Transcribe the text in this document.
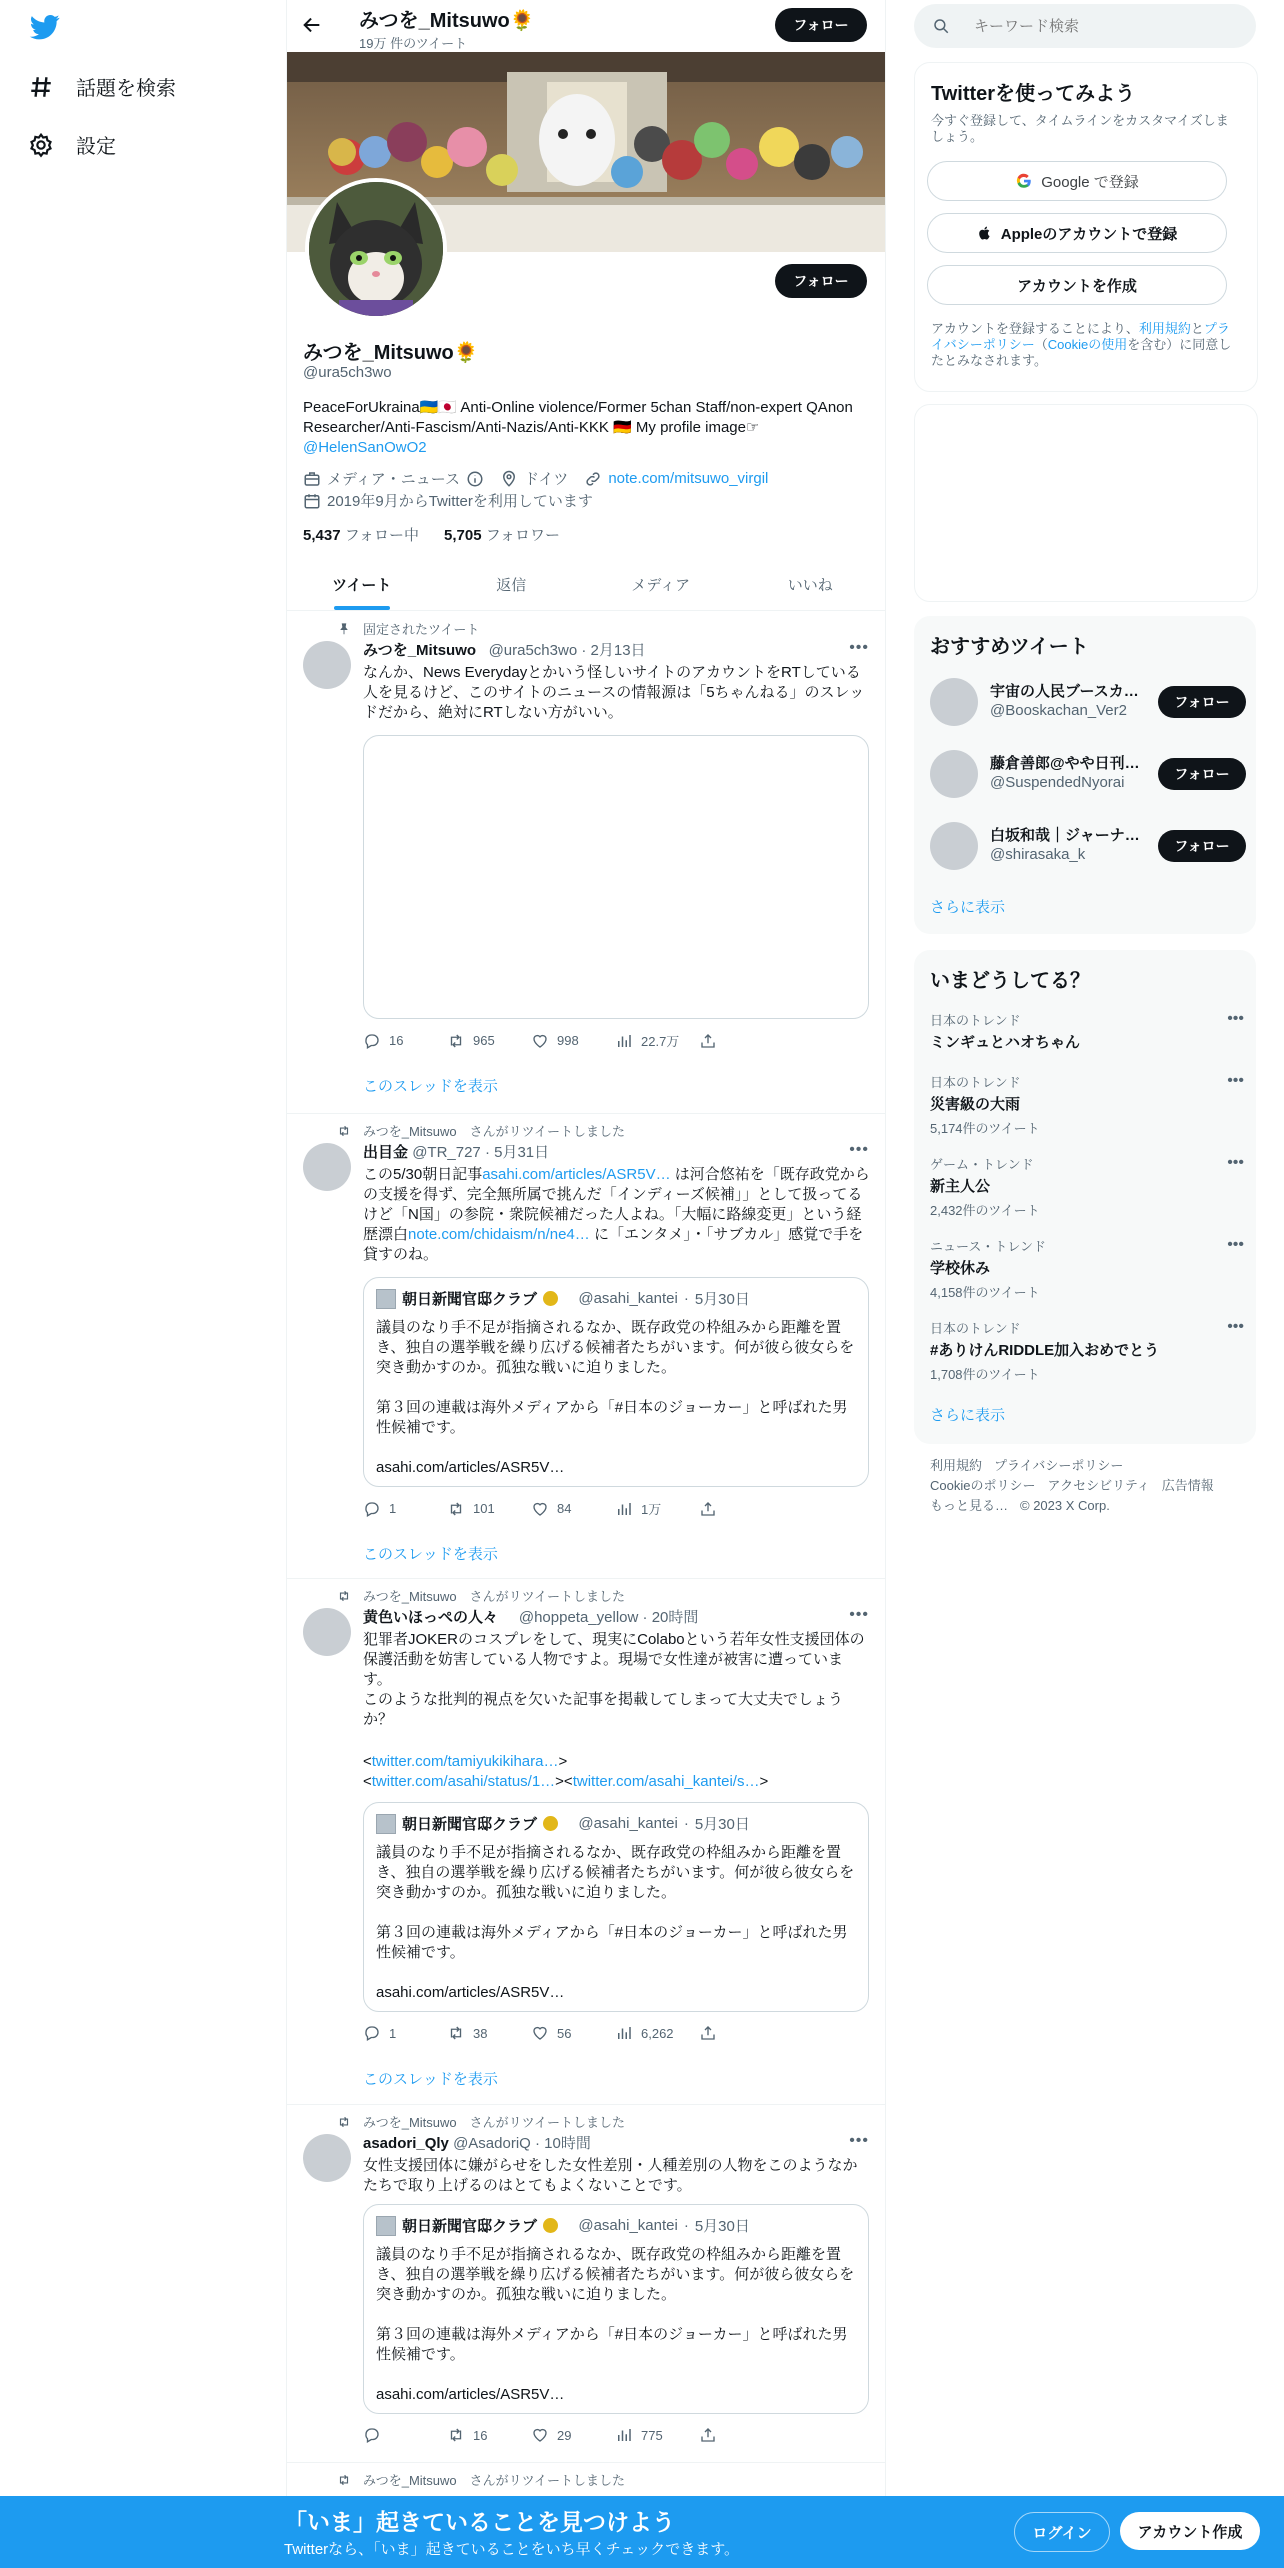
話題を検索
設定
みつを_Mitsuwo🌻
19万 件のツイート
フォロー
フォロー
みつを_Mitsuwo🌻
@ura5ch3wo
PeaceForUkraina🇺🇦🇯🇵 Anti-Online violence/Former 5chan Staff/non-expert QAnon Researcher/Anti-Fascism/Anti-Nazis/Anti-KKK 🇩🇪 My profile image☞
@HelenSanOwO2
メディア・ニュース	ドイツ	note.com/mitsuwo_virgil
2019年9月からTwitterを利用しています
5,437 フォロー中 5,705 フォロワー
ツイート	返信	メディア	いいね
固定されたツイート
みつを_Mitsuwo @ura5ch3wo · 2月13日	•••
なんか、News Everydayとかいう怪しいサイトのアカウントをRTしている人を見るけど、このサイトのニュースの情報源は「5ちゃんねる」のスレッドだから、絶対にRTしない方がいい。
16	965	998	22.7万
このスレッドを表示
みつを_Mitsuwo　さんがリツイートしました
出目金 @TR_727 · 5月31日	•••
この5/30朝日記事asahi.com/articles/ASR5V… は河合悠祐を「既存政党からの支援を得ず、完全無所属で挑んだ「インディーズ候補」」として扱ってるけど「N国」の参院・衆院候補だった人よね。「大幅に路線変更」という経歴漂白note.com/chidaism/n/ne4… に「エンタメ」・「サブカル」感覚で手を貸すのね。
朝日新聞官邸クラブ
	@asahi_kantei · 5月30日
議員のなり手不足が指摘されるなか、既存政党の枠組みから距離を置き、独自の選挙戦を繰り広げる候補者たちがいます。何が彼ら彼女らを突き動かすのか。孤独な戦いに迫りました。

第３回の連載は海外メディアから「#日本のジョーカー」と呼ばれた男性候補です。

asahi.com/articles/ASR5V…
1	101	84	1万
このスレッドを表示
みつを_Mitsuwo　さんがリツイートしました
黄色いほっぺの人々 @hoppeta_yellow · 20時間	•••
犯罪者JOKERのコスプレをして、現実にColaboという若年女性支援団体の保護活動を妨害している人物ですよ。現場で女性達が被害に遭っています。
このような批判的視点を欠いた記事を掲載してしまって大丈夫でしょうか？
<twitter.com/tamiyukikihara…>
<twitter.com/asahi/status/1…><twitter.com/asahi_kantei/s…>
朝日新聞官邸クラブ
	@asahi_kantei · 5月30日
議員のなり手不足が指摘されるなか、既存政党の枠組みから距離を置き、独自の選挙戦を繰り広げる候補者たちがいます。何が彼ら彼女らを突き動かすのか。孤独な戦いに迫りました。

第３回の連載は海外メディアから「#日本のジョーカー」と呼ばれた男性候補です。

asahi.com/articles/ASR5V…
1	38	56	6,262
このスレッドを表示
みつを_Mitsuwo　さんがリツイートしました
asadori_Qly @AsadoriQ · 10時間	•••
女性支援団体に嫌がらせをした女性差別・人種差別の人物をこのようなかたちで取り上げるのはとてもよくないことです。
朝日新聞官邸クラブ
	@asahi_kantei · 5月30日
議員のなり手不足が指摘されるなか、既存政党の枠組みから距離を置き、独自の選挙戦を繰り広げる候補者たちがいます。何が彼ら彼女らを突き動かすのか。孤独な戦いに迫りました。

第３回の連載は海外メディアから「#日本のジョーカー」と呼ばれた男性候補です。

asahi.com/articles/ASR5V…
16	29	775
みつを_Mitsuwo　さんがリツイートしました
キーワード検索
Twitterを使ってみよう
今すぐ登録して、タイムラインをカスタマイズしましょう。
Google で登録
Appleのアカウントで登録
アカウントを作成
アカウントを登録することにより、利用規約とプライバシーポリシー（Cookieの使用を含む）に同意したとみなされます。
おすすめツイート
宇宙の人民ブースカ…
@Booskachan_Ver2	フォロー
藤倉善郎@やや日刊…
@SuspendedNyorai	フォロー
白坂和哉｜ジャーナ…
@shirasaka_k	フォロー
さらに表示
いまどうしてる？
日本のトレンド
ミンギュとハオちゃん
•••
日本のトレンド
災害級の大雨
5,174件のツイート
•••
ゲーム・トレンド
新主人公
2,432件のツイート
•••
ニュース・トレンド
学校休み
4,158件のツイート
•••
日本のトレンド
#ありけんRIDDLE加入おめでとう
1,708件のツイート
•••
さらに表示
利用規約 プライバシーポリシー
Cookieのポリシー アクセシビリティ 広告情報
もっと見る… © 2023 X Corp.
「いま」起きていることを見つけよう
Twitterなら、「いま」起きていることをいち早くチェックできます。
ログイン	アカウント作成
